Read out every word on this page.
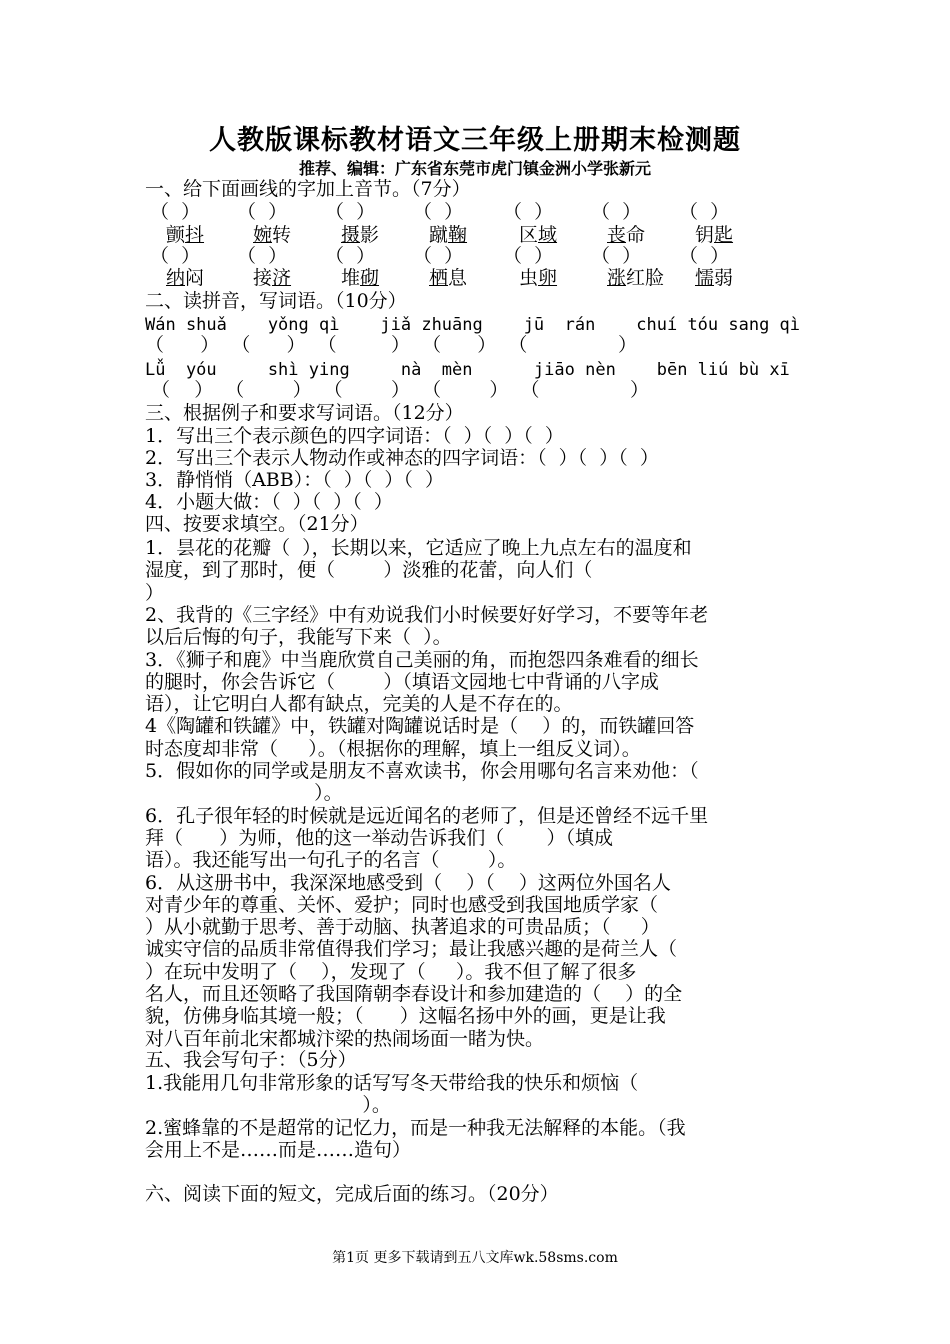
人教版课标教材语文三年级上册期末检测题
推荐、编辑：广东省东莞市虎门镇金洲小学张新元
一、给下面画线的字加上音节。（7分）
（  ） （  ） （  ） （  ） （  ） （  ） （  ）
颤抖	婉转	摄影	蹴鞠	区域	丧命	钥匙
（  ） （  ） （  ） （  ） （  ） （  ） （  ）
纳闷	接济	堆砌	栖息	虫卵	涨红脸 懦弱
二、读拼音，写词语。（10分）
Wán shuǎ    yǒng qì    jiǎ zhuāng    jū  rán    chuí tóu sang qì
（      ）  （      ）  （         ）  （      ）  （               ）
Lǚ  yóu     shì ying     nà  mèn      jiāo nèn    bēn liú bù xī
（    ）  （        ）  （        ）  （        ）  （               ）
三、根据例子和要求写词语。（12分）
1．写出三个表示颜色的四字词语：（  ）（  ）（  ）
2．写出三个表示人物动作或神态的四字词语：（  ）（  ）（  ）
3．静悄悄（ABB）：（  ）（  ）（  ）
4．小题大做：（  ）（  ）（  ）
四、按要求填空。（21分）
1．昙花的花瓣（  ），长期以来，它适应了晚上九点左右的温度和
湿度，到了那时，便（        ）淡雅的花蕾，向人们（
）
2、我背的《三字经》中有劝说我们小时候要好好学习，不要等年老
以后后悔的句子，我能写下来（  ）。
3．《狮子和鹿》中当鹿欣赏自己美丽的角，而抱怨四条难看的细长
的腿时，你会告诉它（        ）（填语文园地七中背诵的八字成
语），让它明白人都有缺点，完美的人是不存在的。
4《陶罐和铁罐》中，铁罐对陶罐说话时是（    ）的，而铁罐回答
时态度却非常（     ）。（根据你的理解，填上一组反义词）。
5．假如你的同学或是朋友不喜欢读书，你会用哪句名言来劝他：（
）。
6．孔子很年轻的时候就是远近闻名的老师了，但是还曾经不远千里
拜（      ）为师，他的这一举动告诉我们（       ）（填成
语）。我还能写出一句孔子的名言（        ）。
6．从这册书中，我深深地感受到（    ）（    ）这两位外国名人
对青少年的尊重、关怀、爱护；同时也感受到我国地质学家（
）从小就勤于思考、善于动脑、执著追求的可贵品质；（     ）
诚实守信的品质非常值得我们学习；最让我感兴趣的是荷兰人（
）在玩中发明了（    ），发现了（     ）。我不但了解了很多
名人，而且还领略了我国隋朝李春设计和参加建造的（    ）的全
貌，仿佛身临其境一般；（      ）这幅名扬中外的画，更是让我
对八百年前北宋都城汴梁的热闹场面一睹为快。
五、我会写句子：（5分）
1.我能用几句非常形象的话写写冬天带给我的快乐和烦恼（
）。
2.蜜蜂靠的不是超常的记忆力，而是一种我无法解释的本能。（我
会用上不是……而是……造句）
六、阅读下面的短文，完成后面的练习。（20分）
第1页 更多下载请到五八文库wk.58sms.com
